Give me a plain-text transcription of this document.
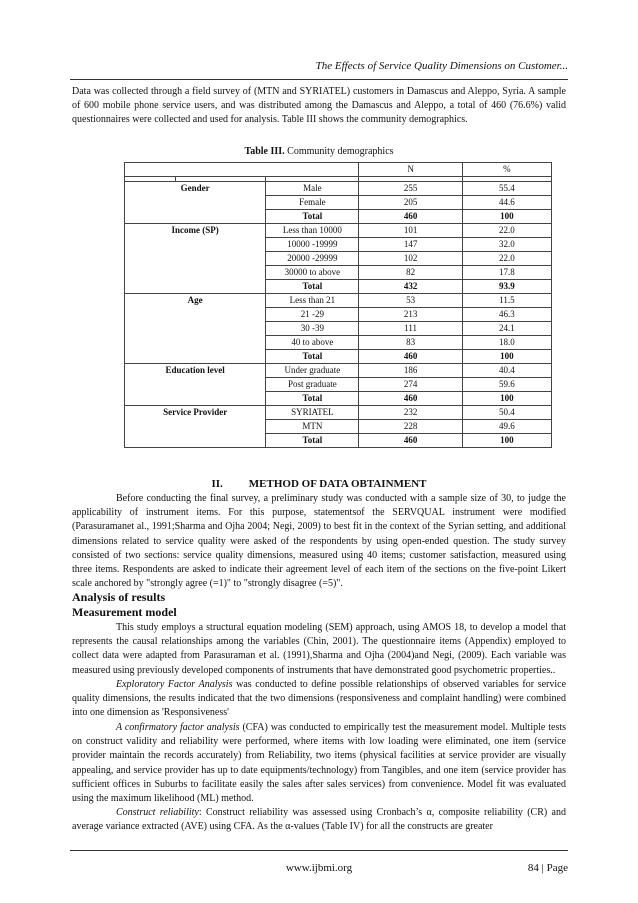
The Effects of Service Quality Dimensions on Customer...

Data was collected through a field survey of (MTN and SYRIATEL) customers in Damascus and Aleppo, Syria. A sample of 600 mobile phone service users, and was distributed among the Damascus and Aleppo, a total of 460 (76.6%) valid questionnaires were collected and used for analysis. Table III shows the community demographics.

Table III. Community demographics
			N	%

Gender		Male	255	55.4
		Female	205	44.6
		Total	460	100
Income (SP)		Less than 10000	101	22.0
		10000 -19999	147	32.0
		20000 -29999	102	22.0
		30000 to above	82	17.8
		Total	432	93.9
Age		Less than 21	53	11.5
		21 -29	213	46.3
		30 -39	111	24.1
		40 to above	83	18.0
		Total	460	100
Education level		Under graduate	186	40.4
		Post graduate	274	59.6
		Total	460	100
Service Provider		SYRIATEL	232	50.4
		MTN	228	49.6
		Total	460	100
II. METHOD OF DATA OBTAINMENT

Before conducting the final survey, a preliminary study was conducted with a sample size of 30, to judge the applicability of instrument items. For this purpose, statementsof the SERVQUAL instrument were modified (Parasuramanet al., 1991;Sharma and Ojha 2004; Negi, 2009) to best fit in the context of the Syrian setting, and additional dimensions related to service quality were asked of the respondents by using open-ended question. The study survey consisted of two sections: service quality dimensions, measured using 40 items; customer satisfaction, measured using three items. Respondents are asked to indicate their agreement level of each item of the sections on the five-point Likert scale anchored by "strongly agree (=1)" to "strongly disagree (=5)".

Analysis of results
Measurement model

This study employs a structural equation modeling (SEM) approach, using AMOS 18, to develop a model that represents the causal relationships among the variables (Chin, 2001). The questionnaire items (Appendix) employed to collect data were adapted from Parasuraman et al. (1991),Sharma and Ojha (2004)and Negi, (2009). Each variable was measured using previously developed components of instruments that have demonstrated good psychometric properties..

Exploratory Factor Analysis was conducted to define possible relationships of observed variables for service quality dimensions, the results indicated that the two dimensions (responsiveness and complaint handling) were combined into one dimension as 'Responsiveness'

A confirmatory factor analysis (CFA) was conducted to empirically test the measurement model. Multiple tests on construct validity and reliability were performed, where items with low loading were eliminated, one item (service provider maintain the records accurately) from Reliability, two items (physical facilities at service provider are visually appealing, and service provider has up to date equipments/technology) from Tangibles, and one item (service provider has sufficient offices in Suburbs to facilitate easily the sales after sales services) from convenience. Model fit was evaluated using the maximum likelihood (ML) method.

Construct reliability: Construct reliability was assessed using Cronbach’s α, composite reliability (CR) and average variance extracted (AVE) using CFA. As the α-values (Table IV) for all the constructs are greater

www.ijbmi.org	84 | Page
